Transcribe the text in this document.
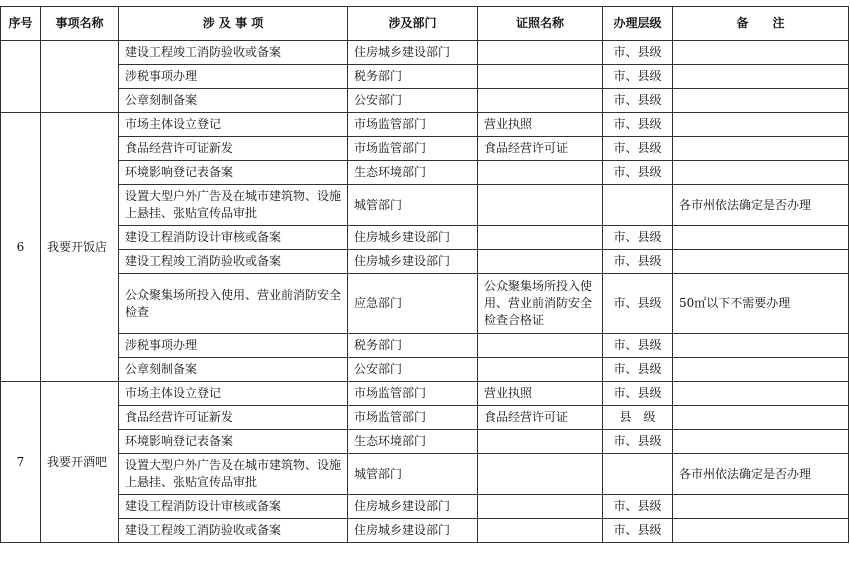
序号	事项名称	涉 及 事 项	涉及部门	证照名称	办理层级	备　　注
		建设工程竣工消防验收或备案	住房城乡建设部门		市、县级	
		涉税事项办理	税务部门		市、县级	
		公章刻制备案	公安部门		市、县级	
6	我要开饭店	市场主体设立登记	市场监管部门	营业执照	市、县级	
		食品经营许可证新发	市场监管部门	食品经营许可证	市、县级	
		环境影响登记表备案	生态环境部门		市、县级	
		设置大型户外广告及在城市建筑物、设施上悬挂、张贴宣传品审批	城管部门			各市州依法确定是否办理
		建设工程消防设计审核或备案	住房城乡建设部门		市、县级	
		建设工程竣工消防验收或备案	住房城乡建设部门		市、县级	
		公众聚集场所投入使用、营业前消防安全检查	应急部门	公众聚集场所投入使用、营业前消防安全检查合格证	市、县级	50㎡以下不需要办理
		涉税事项办理	税务部门		市、县级	
		公章刻制备案	公安部门		市、县级	
7	我要开酒吧	市场主体设立登记	市场监管部门	营业执照	市、县级	
		食品经营许可证新发	市场监管部门	食品经营许可证	县　级	
		环境影响登记表备案	生态环境部门		市、县级	
		设置大型户外广告及在城市建筑物、设施上悬挂、张贴宣传品审批	城管部门			各市州依法确定是否办理
		建设工程消防设计审核或备案	住房城乡建设部门		市、县级	
		建设工程竣工消防验收或备案	住房城乡建设部门		市、县级	
